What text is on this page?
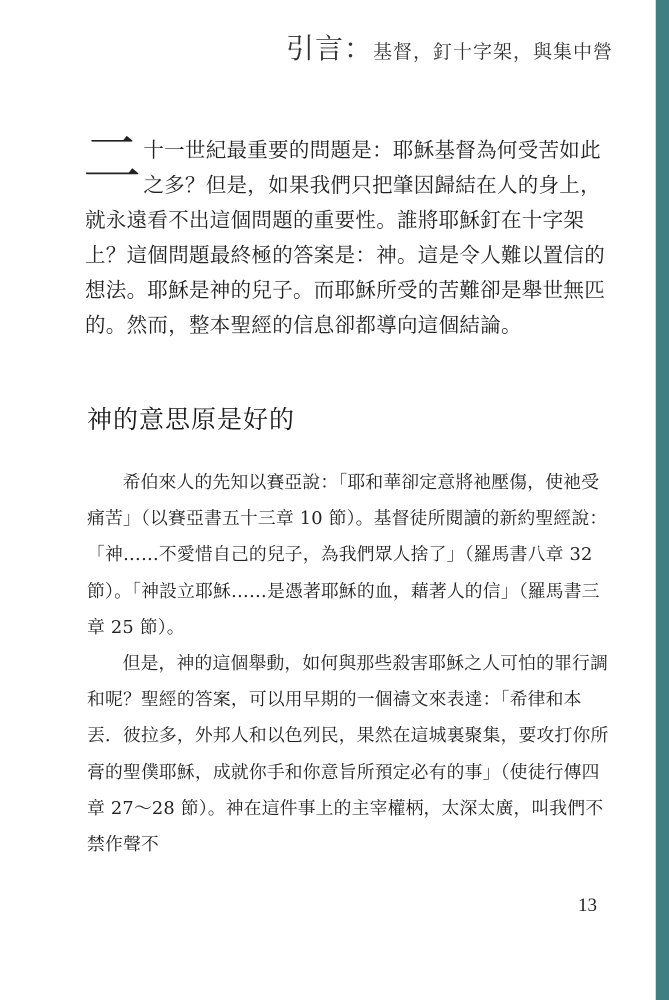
引言：基督，釘十字架，與集中營

二十一世紀最重要的問題是：耶穌基督為何受苦如此之多？但是，如果我們只把肇因歸結在人的身上，就永遠看不出這個問題的重要性。誰將耶穌釘在十字架上？這個問題最終極的答案是：神。這是令人難以置信的想法。耶穌是神的兒子。而耶穌所受的苦難卻是舉世無匹的。然而，整本聖經的信息卻都導向這個結論。

神的意思原是好的

希伯來人的先知以賽亞說：「耶和華卻定意將祂壓傷，使祂受痛苦」（以賽亞書五十三章 10 節）。基督徒所閱讀的新約聖經說：「神……不愛惜自己的兒子，為我們眾人捨了」（羅馬書八章 32 節）。「神設立耶穌……是憑著耶穌的血，藉著人的信」（羅馬書三章 25 節）。

但是，神的這個舉動，如何與那些殺害耶穌之人可怕的罪行調和呢？聖經的答案，可以用早期的一個禱文來表達：「希律和本丟．彼拉多，外邦人和以色列民，果然在這城裏聚集，要攻打你所膏的聖僕耶穌，成就你手和你意旨所預定必有的事」（使徒行傳四章 27～28 節）。神在這件事上的主宰權柄，太深太廣，叫我們不禁作聲不

13
